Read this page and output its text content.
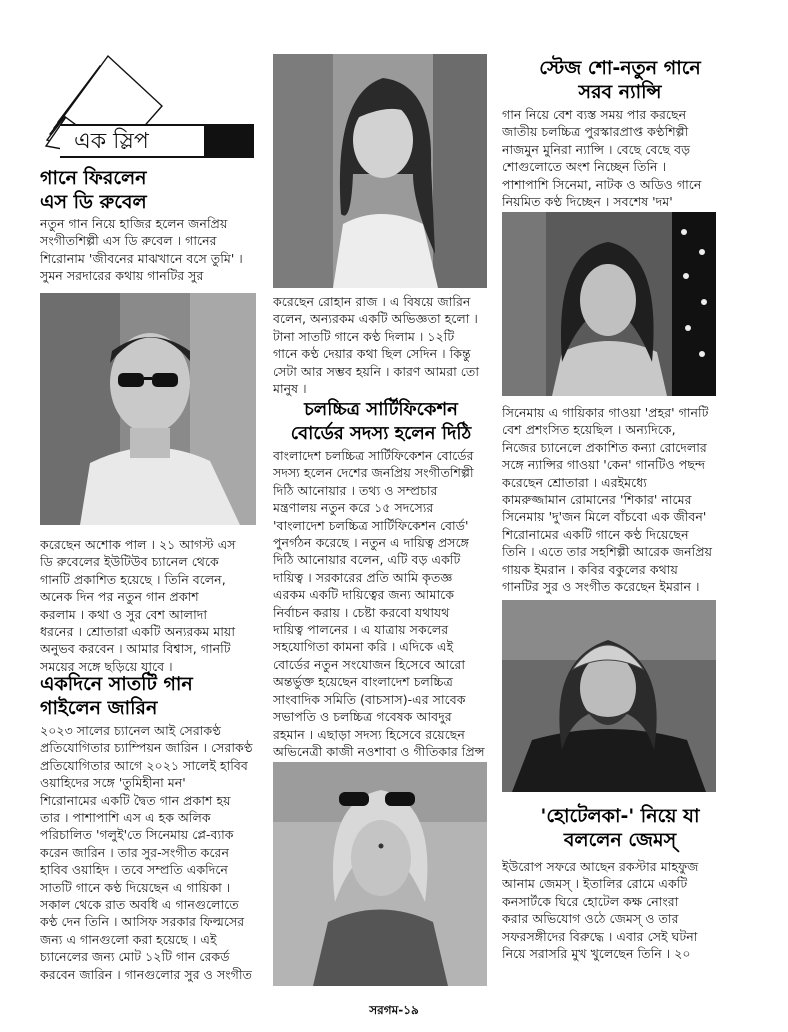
এক স্লিপ
গানে ফিরলেন
এস ডি রুবেল

নতুন গান নিয়ে হাজির হলেন জনপ্রিয়

সংগীতশিল্পী এস ডি রুবেল । গানের

শিরোনাম 'জীবনের মাঝখানে বসে তুমি' ।

সুমন সরদারের কথায় গানটির সুর

করেছেন অশোক পাল । ২১ আগস্ট এস

ডি রুবেলের ইউটিউব চ্যানেল থেকে

গানটি প্রকাশিত হয়েছে । তিনি বলেন,

অনেক দিন পর নতুন গান প্রকাশ

করলাম । কথা ও সুর বেশ আলাদা

ধরনের । শ্রোতারা একটি অন্যরকম মায়া

অনুভব করবেন । আমার বিশ্বাস, গানটি

সময়ের সঙ্গে ছড়িয়ে যাবে ।

একদিনে সাতটি গান
গাইলেন জারিন

২০২৩ সালের চ্যানেল আই সেরাকণ্ঠ

প্রতিযোগিতার চ্যাম্পিয়ন জারিন । সেরাকণ্ঠ

প্রতিযোগিতার আগে ২০২১ সালেই হাবিব

ওয়াহিদের সঙ্গে 'তুমিহীনা মন'

শিরোনামের একটি দ্বৈত গান প্রকাশ হয়

তার । পাশাপাশি এস এ হক অলিক

পরিচালিত 'গলুই'তে সিনেমায় প্লে-ব্যাক

করেন জারিন । তার সুর-সংগীত করেন

হাবিব ওয়াহিদ । তবে সম্প্রতি একদিনে

সাতটি গানে কণ্ঠ দিয়েছেন এ গায়িকা ।

সকাল থেকে রাত অবধি এ গানগুলোতে

কণ্ঠ দেন তিনি । আসিফ সরকার ফিল্মসের

জন্য এ গানগুলো করা হয়েছে । এই

চ্যানেলের জন্য মোট ১২টি গান রেকর্ড

করবেন জারিন । গানগুলোর সুর ও সংগীত

করেছেন রোহান রাজ । এ বিষয়ে জারিন

বলেন, অন্যরকম একটি অভিজ্ঞতা হলো ।

টানা সাতটি গানে কণ্ঠ দিলাম । ১২টি

গানে কণ্ঠ দেয়ার কথা ছিল সেদিন । কিন্তু

সেটা আর সম্ভব হয়নি । কারণ আমরা তো

মানুষ ।

চলচ্চিত্র সার্টিফিকেশন
বোর্ডের সদস্য হলেন দিঠি

বাংলাদেশ চলচ্চিত্র সার্টিফিকেশন বোর্ডের

সদস্য হলেন দেশের জনপ্রিয় সংগীতশিল্পী

দিঠি আনোয়ার । তথ্য ও সম্প্রচার

মন্ত্রণালয় নতুন করে ১৫ সদস্যের

'বাংলাদেশ চলচ্চিত্র সার্টিফিকেশন বোর্ড'

পুনর্গঠন করেছে । নতুন এ দায়িত্ব প্রসঙ্গে

দিঠি আনোয়ার বলেন, এটি বড় একটি

দায়িত্ব । সরকারের প্রতি আমি কৃতজ্ঞ

এরকম একটি দায়িত্বের জন্য আমাকে

নির্বাচন করায় । চেষ্টা করবো যথাযথ

দায়িত্ব পালনের । এ যাত্রায় সকলের

সহযোগিতা কামনা করি । এদিকে এই

বোর্ডের নতুন সংযোজন হিসেবে আরো

অন্তর্ভুক্ত হয়েছেন বাংলাদেশ চলচ্চিত্র

সাংবাদিক সমিতি (বাচসাস)-এর সাবেক

সভাপতি ও চলচ্চিত্র গবেষক আবদুর

রহমান । এছাড়া সদস্য হিসেবে রয়েছেন

অভিনেত্রী কাজী নওশাবা ও গীতিকার প্রিন্স

স্টেজ শো-নতুন গানে
সরব ন্যান্সি

গান নিয়ে বেশ ব্যস্ত সময় পার করছেন

জাতীয় চলচ্চিত্র পুরস্কারপ্রাপ্ত কণ্ঠশিল্পী

নাজমুন মুনিরা ন্যান্সি । বেছে বেছে বড়

শোগুলোতে অংশ নিচ্ছেন তিনি ।

পাশাপাশি সিনেমা, নাটক ও অডিও গানে

নিয়মিত কণ্ঠ দিচ্ছেন । সবশেষ 'দম'

সিনেমায় এ গায়িকার গাওয়া 'প্রহর' গানটি

বেশ প্রশংসিত হয়েছিল । অন্যদিকে,

নিজের চ্যানেলে প্রকাশিত কন্যা রোদেলার

সঙ্গে ন্যান্সির গাওয়া 'কেন' গানটিও পছন্দ

করেছেন শ্রোতারা । এরইমধ্যে

কামরুজ্জামান রোমানের 'শিকার' নামের

সিনেমায় 'দু'জন মিলে বাঁচবো এক জীবন'

শিরোনামের একটি গানে কণ্ঠ দিয়েছেন

তিনি । এতে তার সহশিল্পী আরেক জনপ্রিয়

গায়ক ইমরান । কবির বকুলের কথায়

গানটির সুর ও সংগীত করেছেন ইমরান ।

'হোটেলকা-' নিয়ে যা
বললেন জেমস্

ইউরোপ সফরে আছেন রকস্টার মাহফুজ

আনাম জেমস্ । ইতালির রোমে একটি

কনসার্টকে ঘিরে হোটেল কক্ষ নোংরা

করার অভিযোগ ওঠে জেমস্ ও তার

সফরসঙ্গীদের বিরুদ্ধে । এবার সেই ঘটনা

নিয়ে সরাসরি মুখ খুলেছেন তিনি । ২০

সরগম-১৯
